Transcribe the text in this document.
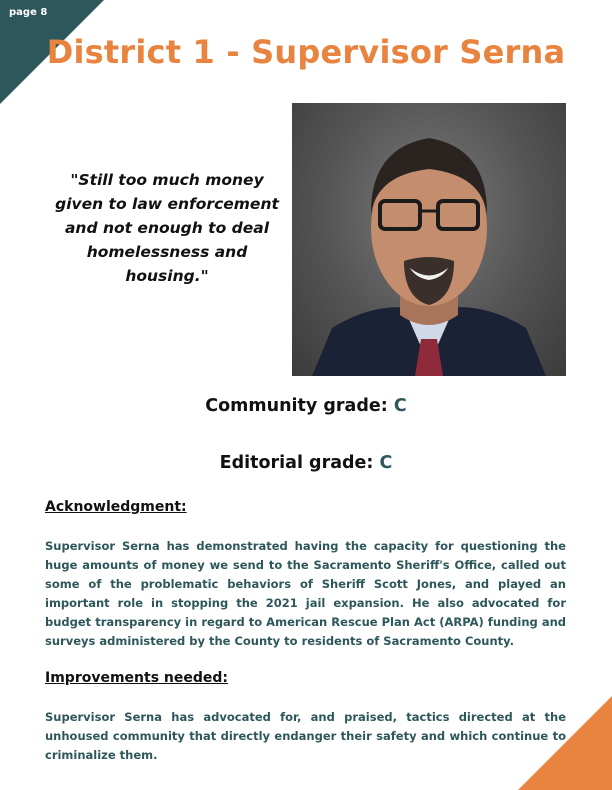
page 8
District 1 - Supervisor Serna
"Still too much money given to law enforcement and not enough to deal homelessness and housing."
Community grade: C
Editorial grade: C
Acknowledgment:
Supervisor Serna has demonstrated having the capacity for questioning the huge amounts of money we send to the Sacramento Sheriff's Office, called out some of the problematic behaviors of Sheriff Scott Jones, and played an important role in stopping the 2021 jail expansion. He also advocated for budget transparency in regard to American Rescue Plan Act (ARPA) funding and surveys administered by the County to residents of Sacramento County.
Improvements needed:
Supervisor Serna has advocated for, and praised, tactics directed at the unhoused community that directly endanger their safety and which continue to criminalize them.
